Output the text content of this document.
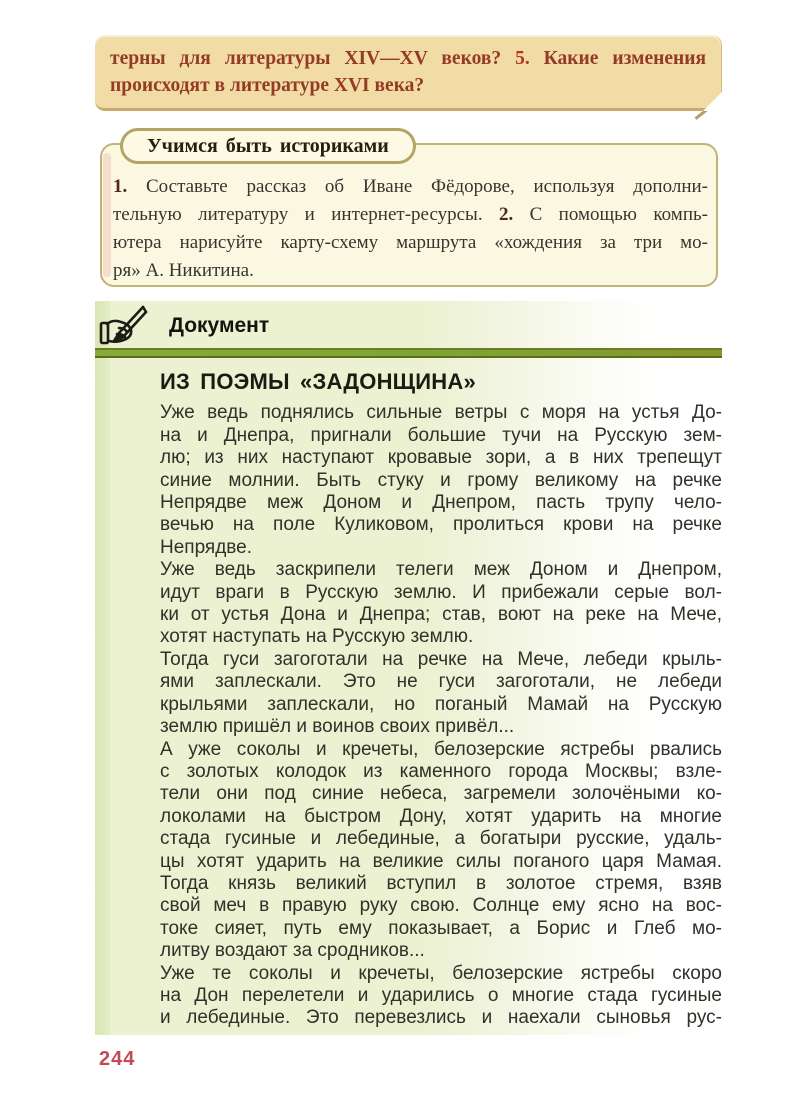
терны для литературы XIV—XV веков? 5. Какие изменения
происходят в литературе XVI века?
Учимся быть историками
1. Составьте рассказ об Иване Фёдорове, используя дополни-
тельную литературу и интернет-ресурсы. 2. С помощью компь-
ютера нарисуйте карту-схему маршрута «хождения за три мо-
ря» А. Никитина.
Документ
ИЗ ПОЭМЫ «ЗАДОНЩИНА»
Уже ведь поднялись сильные ветры с моря на устья До-
на и Днепра, пригнали большие тучи на Русскую зем-
лю; из них наступают кровавые зори, а в них трепещут
синие молнии. Быть стуку и грому великому на речке
Непрядве меж Доном и Днепром, пасть трупу чело-
вечью на поле Куликовом, пролиться крови на речке
Непрядве.
Уже ведь заскрипели телеги меж Доном и Днепром,
идут враги в Русскую землю. И прибежали серые вол-
ки от устья Дона и Днепра; став, воют на реке на Мече,
хотят наступать на Русскую землю.
Тогда гуси загоготали на речке на Мече, лебеди крыль-
ями заплескали. Это не гуси загоготали, не лебеди
крыльями заплескали, но поганый Мамай на Русскую
землю пришёл и воинов своих привёл...
А уже соколы и кречеты, белозерские ястребы рвались
с золотых колодок из каменного города Москвы; взле-
тели они под синие небеса, загремели золочёными ко-
локолами на быстром Дону, хотят ударить на многие
стада гусиные и лебединые, а богатыри русские, удаль-
цы хотят ударить на великие силы поганого царя Мамая.
Тогда князь великий вступил в золотое стремя, взяв
свой меч в правую руку свою. Солнце ему ясно на вос-
токе сияет, путь ему показывает, а Борис и Глеб мо-
литву воздают за сродников...
Уже те соколы и кречеты, белозерские ястребы скоро
на Дон перелетели и ударились о многие стада гусиные
и лебединые. Это перевезлись и наехали сыновья рус-
244
